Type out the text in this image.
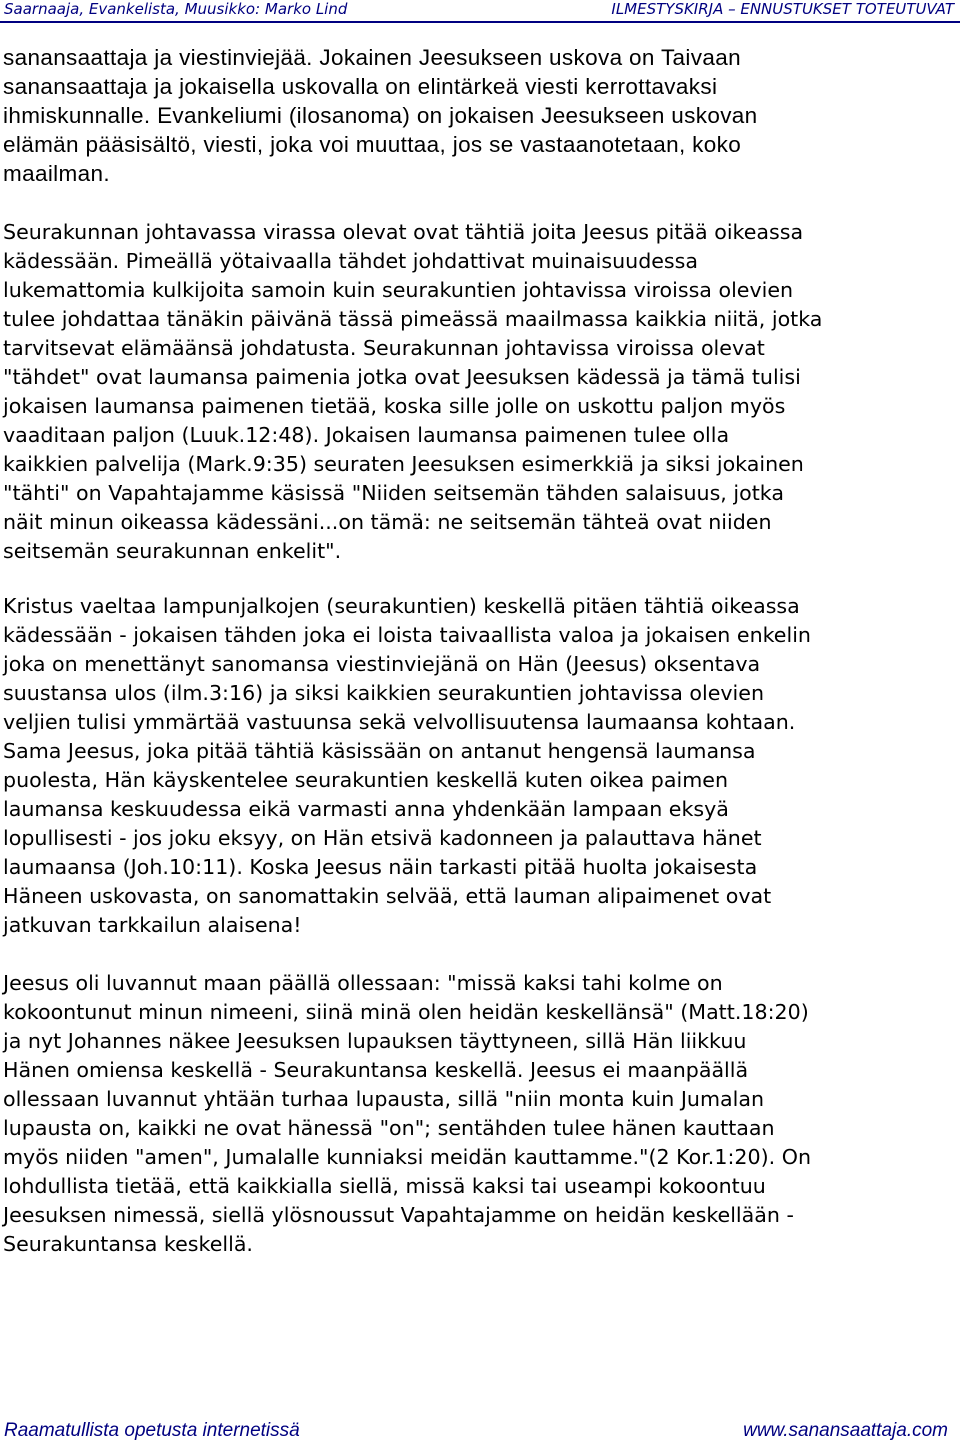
Saarnaaja, Evankelista, Muusikko: Marko Lind	ILMESTYSKIRJA – ENNUSTUKSET TOTEUTUVAT

sanansaattaja ja viestinviejää. Jokainen Jeesukseen uskova on Taivaan
sanansaattaja ja jokaisella uskovalla on elintärkeä viesti kerrottavaksi
ihmiskunnalle. Evankeliumi (ilosanoma) on jokaisen Jeesukseen uskovan
elämän pääsisältö, viesti, joka voi muuttaa, jos se vastaanotetaan, koko
maailman.

Seurakunnan johtavassa virassa olevat ovat tähtiä joita Jeesus pitää oikeassa
kädessään. Pimeällä yötaivaalla tähdet johdattivat muinaisuudessa
lukemattomia kulkijoita samoin kuin seurakuntien johtavissa viroissa olevien
tulee johdattaa tänäkin päivänä tässä pimeässä maailmassa kaikkia niitä, jotka
tarvitsevat elämäänsä johdatusta. Seurakunnan johtavissa viroissa olevat
"tähdet" ovat laumansa paimenia jotka ovat Jeesuksen kädessä ja tämä tulisi
jokaisen laumansa paimenen tietää, koska sille jolle on uskottu paljon myös
vaaditaan paljon (Luuk.12:48). Jokaisen laumansa paimenen tulee olla
kaikkien palvelija (Mark.9:35) seuraten Jeesuksen esimerkkiä ja siksi jokainen
"tähti" on Vapahtajamme käsissä "Niiden seitsemän tähden salaisuus, jotka
näit minun oikeassa kädessäni...on tämä: ne seitsemän tähteä ovat niiden
seitsemän seurakunnan enkelit".

Kristus vaeltaa lampunjalkojen (seurakuntien) keskellä pitäen tähtiä oikeassa
kädessään - jokaisen tähden joka ei loista taivaallista valoa ja jokaisen enkelin
joka on menettänyt sanomansa viestinviejänä on Hän (Jeesus) oksentava
suustansa ulos (ilm.3:16) ja siksi kaikkien seurakuntien johtavissa olevien
veljien tulisi ymmärtää vastuunsa sekä velvollisuutensa laumaansa kohtaan.
Sama Jeesus, joka pitää tähtiä käsissään on antanut hengensä laumansa
puolesta, Hän käyskentelee seurakuntien keskellä kuten oikea paimen
laumansa keskuudessa eikä varmasti anna yhdenkään lampaan eksyä
lopullisesti - jos joku eksyy, on Hän etsivä kadonneen ja palauttava hänet
laumaansa (Joh.10:11). Koska Jeesus näin tarkasti pitää huolta jokaisesta
Häneen uskovasta, on sanomattakin selvää, että lauman alipaimenet ovat
jatkuvan tarkkailun alaisena!

Jeesus oli luvannut maan päällä ollessaan: "missä kaksi tahi kolme on
kokoontunut minun nimeeni, siinä minä olen heidän keskellänsä" (Matt.18:20)
ja nyt Johannes näkee Jeesuksen lupauksen täyttyneen, sillä Hän liikkuu
Hänen omiensa keskellä - Seurakuntansa keskellä. Jeesus ei maanpäällä
ollessaan luvannut yhtään turhaa lupausta, sillä "niin monta kuin Jumalan
lupausta on, kaikki ne ovat hänessä "on"; sentähden tulee hänen kauttaan
myös niiden "amen", Jumalalle kunniaksi meidän kauttamme."(2 Kor.1:20). On
lohdullista tietää, että kaikkialla siellä, missä kaksi tai useampi kokoontuu
Jeesuksen nimessä, siellä ylösnoussut Vapahtajamme on heidän keskellään -
Seurakuntansa keskellä.

Raamatullista opetusta internetissä	www.sanansaattaja.com
